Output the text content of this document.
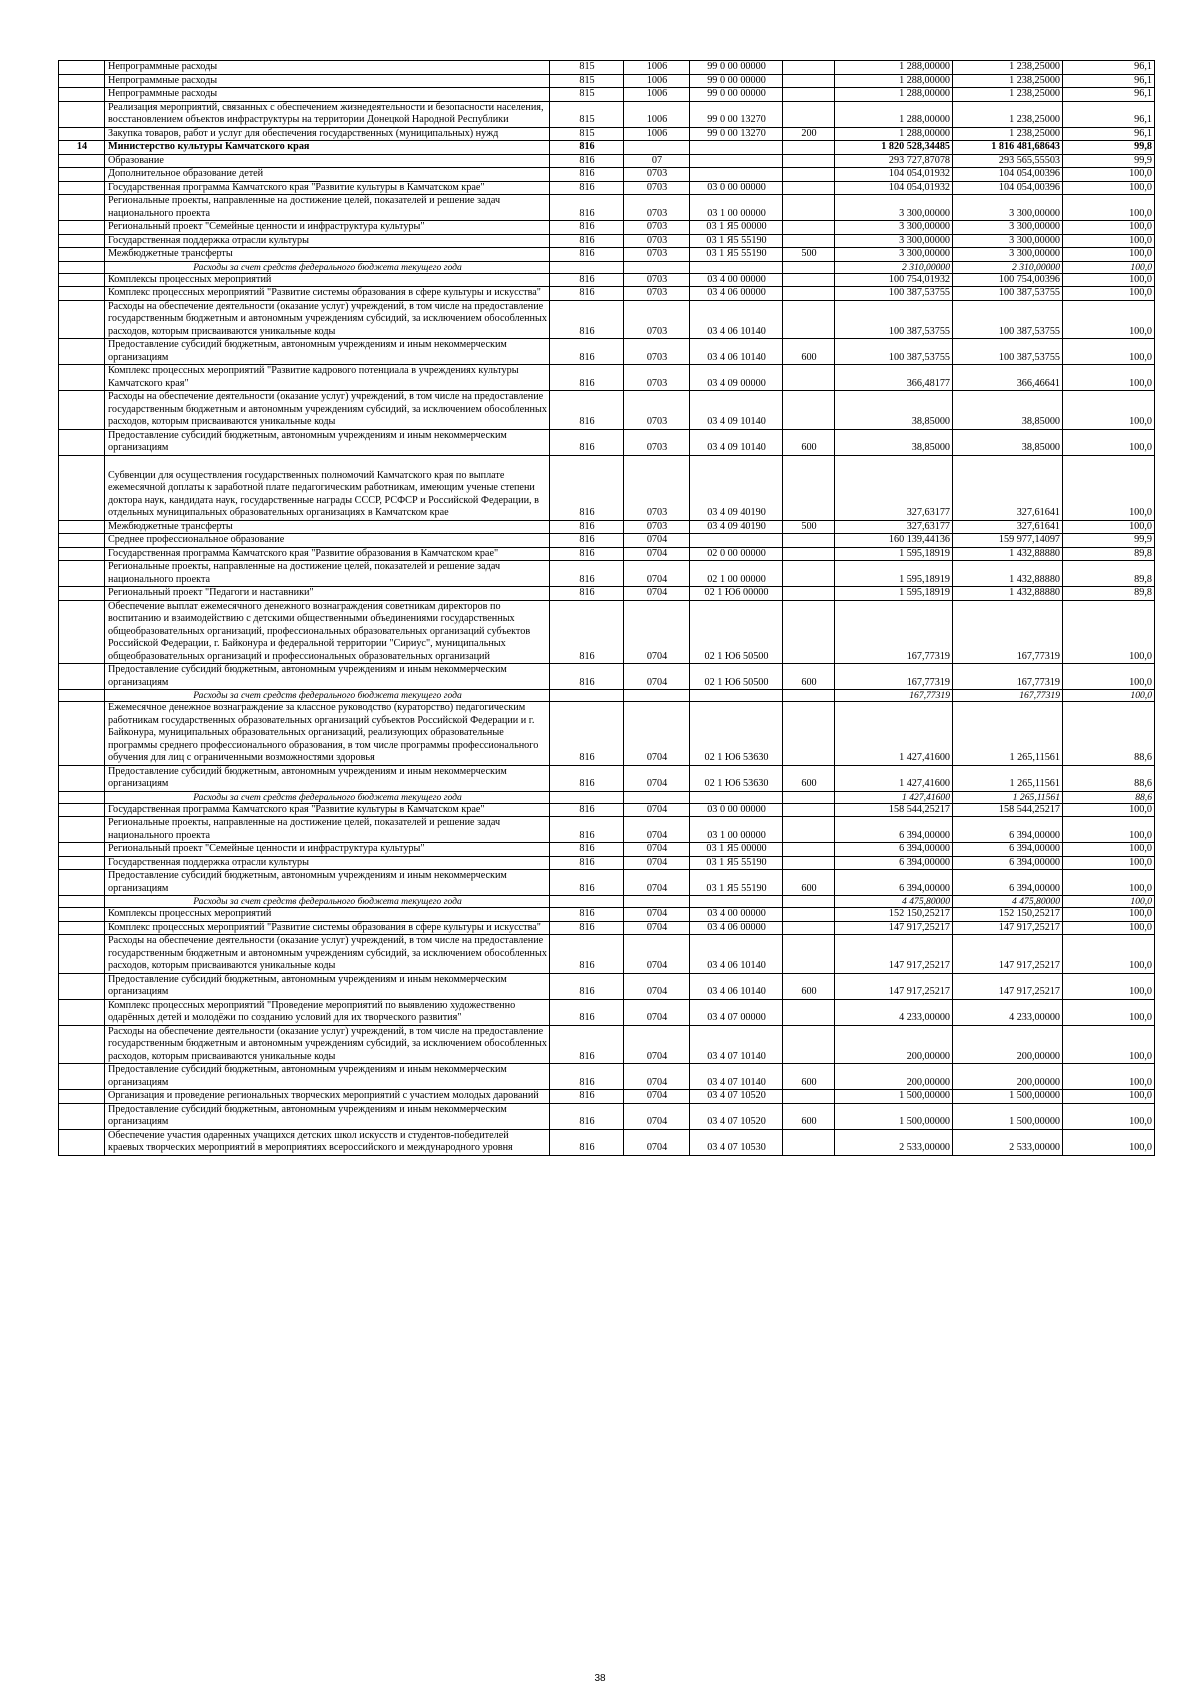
	Непрограммные расходы	815	1006	99 0 00 00000		1 288,00000	1 238,25000	96,1
	Непрограммные расходы	815	1006	99 0 00 00000		1 288,00000	1 238,25000	96,1
	Непрограммные расходы	815	1006	99 0 00 00000		1 288,00000	1 238,25000	96,1
	Реализация мероприятий, связанных с обеспечением жизнедеятельности и безопасности населения, восстановлением объектов инфраструктуры на территории Донецкой Народной Республики	815	1006	99 0 00 13270		1 288,00000	1 238,25000	96,1
	Закупка товаров, работ и услуг для обеспечения государственных (муниципальных) нужд	815	1006	99 0 00 13270	200	1 288,00000	1 238,25000	96,1
14	Министерство культуры Камчатского края	816				1 820 528,34485	1 816 481,68643	99,8
	Образование	816	07			293 727,87078	293 565,55503	99,9
	Дополнительное образование детей	816	0703			104 054,01932	104 054,00396	100,0
	Государственная программа Камчатского края "Развитие культуры в Камчатском крае"	816	0703	03 0 00 00000		104 054,01932	104 054,00396	100,0
	Региональные проекты, направленные на достижение целей, показателей и решение задач национального проекта	816	0703	03 1 00 00000		3 300,00000	3 300,00000	100,0
	Региональный проект "Семейные ценности и инфраструктура культуры"	816	0703	03 1 Я5 00000		3 300,00000	3 300,00000	100,0
	Государственная поддержка отрасли культуры	816	0703	03 1 Я5 55190		3 300,00000	3 300,00000	100,0
	Межбюджетные трансферты	816	0703	03 1 Я5 55190	500	3 300,00000	3 300,00000	100,0
	Расходы за счет средств федерального бюджета текущего года					2 310,00000	2 310,00000	100,0
	Комплексы процессных мероприятий	816	0703	03 4 00 00000		100 754,01932	100 754,00396	100,0
	Комплекс процессных мероприятий "Развитие системы образования в сфере культуры и искусства"	816	0703	03 4 06 00000		100 387,53755	100 387,53755	100,0
	Расходы на обеспечение деятельности (оказание услуг) учреждений, в том числе на предоставление государственным бюджетным и автономным учреждениям субсидий, за исключением обособленных расходов, которым присваиваются уникальные коды	816	0703	03 4 06 10140		100 387,53755	100 387,53755	100,0
	Предоставление субсидий бюджетным, автономным учреждениям и иным некоммерческим организациям	816	0703	03 4 06 10140	600	100 387,53755	100 387,53755	100,0
	Комплекс процессных мероприятий "Развитие кадрового потенциала в учреждениях культуры Камчатского края"	816	0703	03 4 09 00000		366,48177	366,46641	100,0
	Расходы на обеспечение деятельности (оказание услуг) учреждений, в том числе на предоставление государственным бюджетным и автономным учреждениям субсидий, за исключением обособленных расходов, которым присваиваются уникальные коды	816	0703	03 4 09 10140		38,85000	38,85000	100,0
	Предоставление субсидий бюджетным, автономным учреждениям и иным некоммерческим организациям	816	0703	03 4 09 10140	600	38,85000	38,85000	100,0
	Субвенции для осуществления государственных полномочий Камчатского края по выплате ежемесячной доплаты к заработной плате педагогическим работникам, имеющим ученые степени доктора наук, кандидата наук, государственные награды СССР, РСФСР и Российской Федерации, в отдельных муниципальных образовательных организациях в Камчатском крае	816	0703	03 4 09 40190		327,63177	327,61641	100,0
	Межбюджетные трансферты	816	0703	03 4 09 40190	500	327,63177	327,61641	100,0
	Среднее профессиональное образование	816	0704			160 139,44136	159 977,14097	99,9
	Государственная программа Камчатского края "Развитие образования в Камчатском крае"	816	0704	02 0 00 00000		1 595,18919	1 432,88880	89,8
	Региональные проекты, направленные на достижение целей, показателей и решение задач национального проекта	816	0704	02 1 00 00000		1 595,18919	1 432,88880	89,8
	Региональный проект "Педагоги и наставники"	816	0704	02 1 Ю6 00000		1 595,18919	1 432,88880	89,8
	Обеспечение выплат ежемесячного денежного вознаграждения советникам директоров по воспитанию и взаимодействию с детскими общественными объединениями государственных общеобразовательных организаций, профессиональных образовательных организаций субъектов Российской Федерации, г. Байконура и федеральной территории "Сириус", муниципальных общеобразовательных организаций и профессиональных образовательных организаций	816	0704	02 1 Ю6 50500		167,77319	167,77319	100,0
	Предоставление субсидий бюджетным, автономным учреждениям и иным некоммерческим организациям	816	0704	02 1 Ю6 50500	600	167,77319	167,77319	100,0
	Расходы за счет средств федерального бюджета текущего года					167,77319	167,77319	100,0
	Ежемесячное денежное вознаграждение за классное руководство (кураторство) педагогическим работникам государственных образовательных организаций субъектов Российской Федерации и г. Байконура, муниципальных образовательных организаций, реализующих образовательные программы среднего профессионального образования, в том числе программы профессионального обучения для лиц с ограниченными возможностями здоровья	816	0704	02 1 Ю6 53630		1 427,41600	1 265,11561	88,6
	Предоставление субсидий бюджетным, автономным учреждениям и иным некоммерческим организациям	816	0704	02 1 Ю6 53630	600	1 427,41600	1 265,11561	88,6
	Расходы за счет средств федерального бюджета текущего года					1 427,41600	1 265,11561	88,6
	Государственная программа Камчатского края "Развитие культуры в Камчатском крае"	816	0704	03 0 00 00000		158 544,25217	158 544,25217	100,0
	Региональные проекты, направленные на достижение целей, показателей и решение задач национального проекта	816	0704	03 1 00 00000		6 394,00000	6 394,00000	100,0
	Региональный проект "Семейные ценности и инфраструктура культуры"	816	0704	03 1 Я5 00000		6 394,00000	6 394,00000	100,0
	Государственная поддержка отрасли культуры	816	0704	03 1 Я5 55190		6 394,00000	6 394,00000	100,0
	Предоставление субсидий бюджетным, автономным учреждениям и иным некоммерческим организациям	816	0704	03 1 Я5 55190	600	6 394,00000	6 394,00000	100,0
	Расходы за счет средств федерального бюджета текущего года					4 475,80000	4 475,80000	100,0
	Комплексы процессных мероприятий	816	0704	03 4 00 00000		152 150,25217	152 150,25217	100,0
	Комплекс процессных мероприятий "Развитие системы образования в сфере культуры и искусства"	816	0704	03 4 06 00000		147 917,25217	147 917,25217	100,0
	Расходы на обеспечение деятельности (оказание услуг) учреждений, в том числе на предоставление государственным бюджетным и автономным учреждениям субсидий, за исключением обособленных расходов, которым присваиваются уникальные коды	816	0704	03 4 06 10140		147 917,25217	147 917,25217	100,0
	Предоставление субсидий бюджетным, автономным учреждениям и иным некоммерческим организациям	816	0704	03 4 06 10140	600	147 917,25217	147 917,25217	100,0
	Комплекс процессных мероприятий "Проведение мероприятий по выявлению художественно одарённых детей и молодёжи по созданию условий для их творческого развития"	816	0704	03 4 07 00000		4 233,00000	4 233,00000	100,0
	Расходы на обеспечение деятельности (оказание услуг) учреждений, в том числе на предоставление государственным бюджетным и автономным учреждениям субсидий, за исключением обособленных расходов, которым присваиваются уникальные коды	816	0704	03 4 07 10140		200,00000	200,00000	100,0
	Предоставление субсидий бюджетным, автономным учреждениям и иным некоммерческим организациям	816	0704	03 4 07 10140	600	200,00000	200,00000	100,0
	Организация и проведение региональных творческих мероприятий с участием молодых дарований	816	0704	03 4 07 10520		1 500,00000	1 500,00000	100,0
	Предоставление субсидий бюджетным, автономным учреждениям и иным некоммерческим организациям	816	0704	03 4 07 10520	600	1 500,00000	1 500,00000	100,0
	Обеспечение участия одаренных учащихся детских школ искусств и студентов-победителей краевых творческих мероприятий в мероприятиях всероссийского и международного уровня	816	0704	03 4 07 10530		2 533,00000	2 533,00000	100,0
38
